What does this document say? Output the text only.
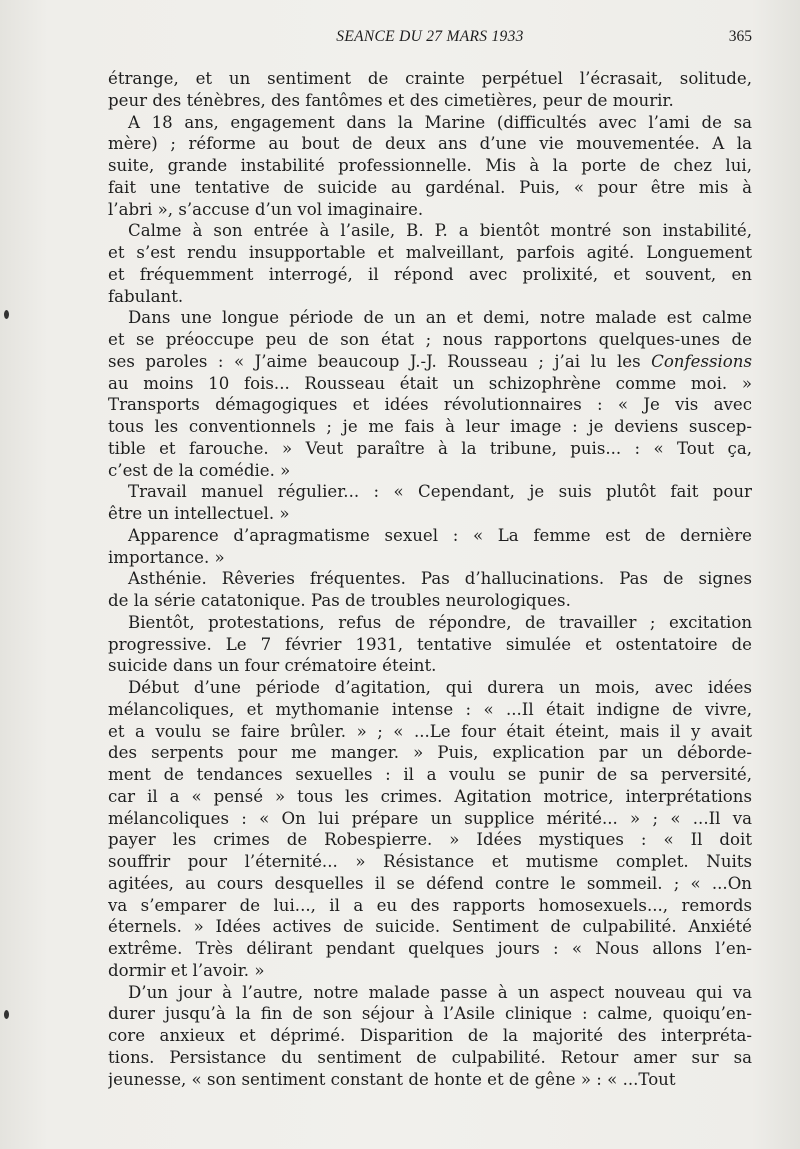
SEANCE DU 27 MARS 1933	365
étrange, et un sentiment de crainte perpétuel l’écrasait, solitude,
peur des ténèbres, des fantômes et des cimetières, peur de mourir.
A 18 ans, engagement dans la Marine (difficultés avec l’ami de sa
mère) ; réforme au bout de deux ans d’une vie mouvementée. A la
suite, grande instabilité professionnelle. Mis à la porte de chez lui,
fait une tentative de suicide au gardénal. Puis, « pour être mis à
l’abri », s’accuse d’un vol imaginaire.
Calme à son entrée à l’asile, B. P. a bientôt montré son instabilité,
et s’est rendu insupportable et malveillant, parfois agité. Longuement
et fréquemment interrogé, il répond avec prolixité, et souvent, en
fabulant.
Dans une longue période de un an et demi, notre malade est calme
et se préoccupe peu de son état ; nous rapportons quelques-unes de
ses paroles : « J’aime beaucoup J.-J. Rousseau ; j’ai lu les Confessions
au moins 10 fois... Rousseau était un schizophrène comme moi. »
Transports démagogiques et idées révolutionnaires : « Je vis avec
tous les conventionnels ; je me fais à leur image : je deviens suscep-
tible et farouche. » Veut paraître à la tribune, puis... : « Tout ça,
c’est de la comédie. »
Travail manuel régulier... : « Cependant, je suis plutôt fait pour
être un intellectuel. »
Apparence d’apragmatisme sexuel : « La femme est de dernière
importance. »
Asthénie. Rêveries fréquentes. Pas d’hallucinations. Pas de signes
de la série catatonique. Pas de troubles neurologiques.
Bientôt, protestations, refus de répondre, de travailler ; excitation
progressive. Le 7 février 1931, tentative simulée et ostentatoire de
suicide dans un four crématoire éteint.
Début d’une période d’agitation, qui durera un mois, avec idées
mélancoliques, et mythomanie intense : « ...Il était indigne de vivre,
et a voulu se faire brûler. » ; « ...Le four était éteint, mais il y avait
des serpents pour me manger. » Puis, explication par un déborde-
ment de tendances sexuelles : il a voulu se punir de sa perversité,
car il a « pensé » tous les crimes. Agitation motrice, interprétations
mélancoliques : « On lui prépare un supplice mérité... » ; « ...Il va
payer les crimes de Robespierre. » Idées mystiques : « Il doit
souffrir pour l’éternité... » Résistance et mutisme complet. Nuits
agitées, au cours desquelles il se défend contre le sommeil. ; « ...On
va s’emparer de lui..., il a eu des rapports homosexuels..., remords
éternels. » Idées actives de suicide. Sentiment de culpabilité. Anxiété
extrême. Très délirant pendant quelques jours : « Nous allons l’en-
dormir et l’avoir. »
D’un jour à l’autre, notre malade passe à un aspect nouveau qui va
durer jusqu’à la fin de son séjour à l’Asile clinique : calme, quoiqu’en-
core anxieux et déprimé. Disparition de la majorité des interpréta-
tions. Persistance du sentiment de culpabilité. Retour amer sur sa
jeunesse, « son sentiment constant de honte et de gêne » : « ...Tout
